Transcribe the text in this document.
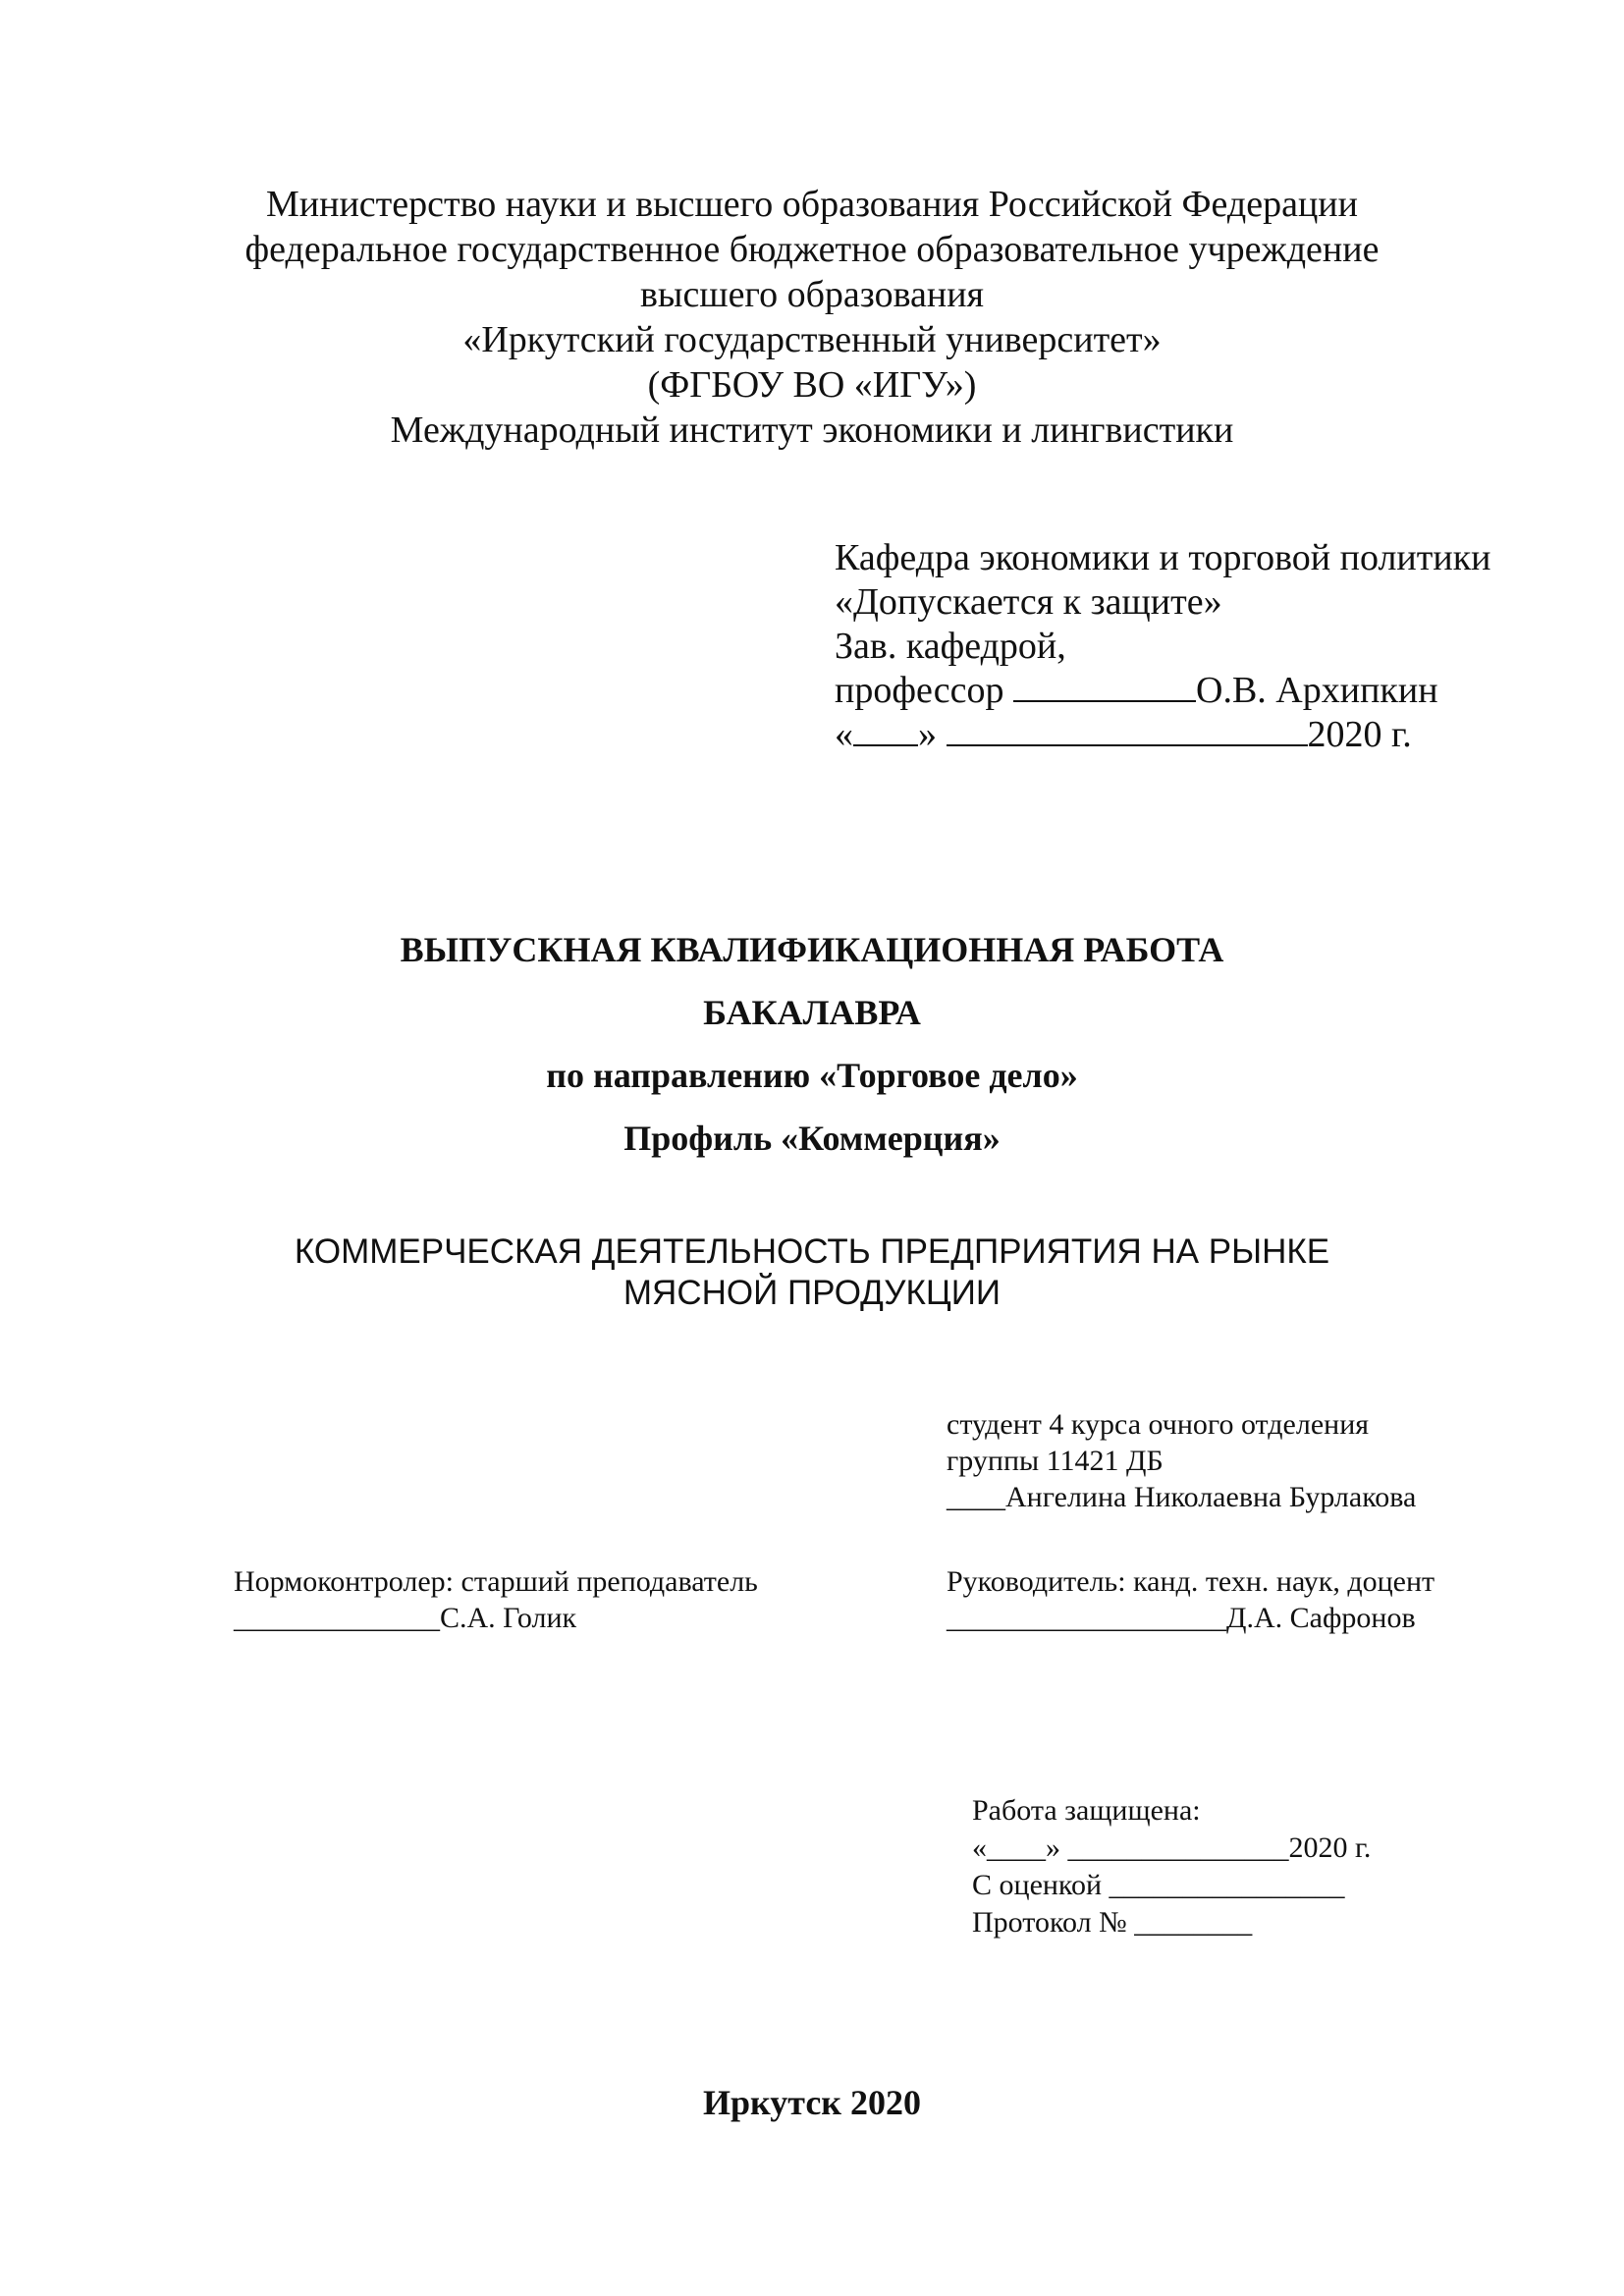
Министерство науки и высшего образования Российской Федерации
федеральное государственное бюджетное образовательное учреждение
высшего образования
«Иркутский государственный университет»
(ФГБОУ ВО «ИГУ»)
Международный институт экономики и лингвистики
Кафедра экономики и торговой политики
«Допускается к защите»
Зав. кафедрой,
профессор	О.В. Архипкин
« »	2020 г.
ВЫПУСКНАЯ КВАЛИФИКАЦИОННАЯ РАБОТА
БАКАЛАВРА
по направлению «Торговое дело»
Профиль «Коммерция»
КОММЕРЧЕСКАЯ ДЕЯТЕЛЬНОСТЬ ПРЕДПРИЯТИЯ НА РЫНКЕ
МЯСНОЙ ПРОДУКЦИИ
студент 4 курса очного отделения
группы 11421 ДБ
____Ангелина Николаевна Бурлакова
Нормоконтролер: старший преподаватель
______________С.А. Голик
Руководитель: канд. техн. наук, доцент
___________________Д.А. Сафронов
Работа защищена:
«____» _______________2020 г.
С оценкой ________________
Протокол № ________
Иркутск 2020
